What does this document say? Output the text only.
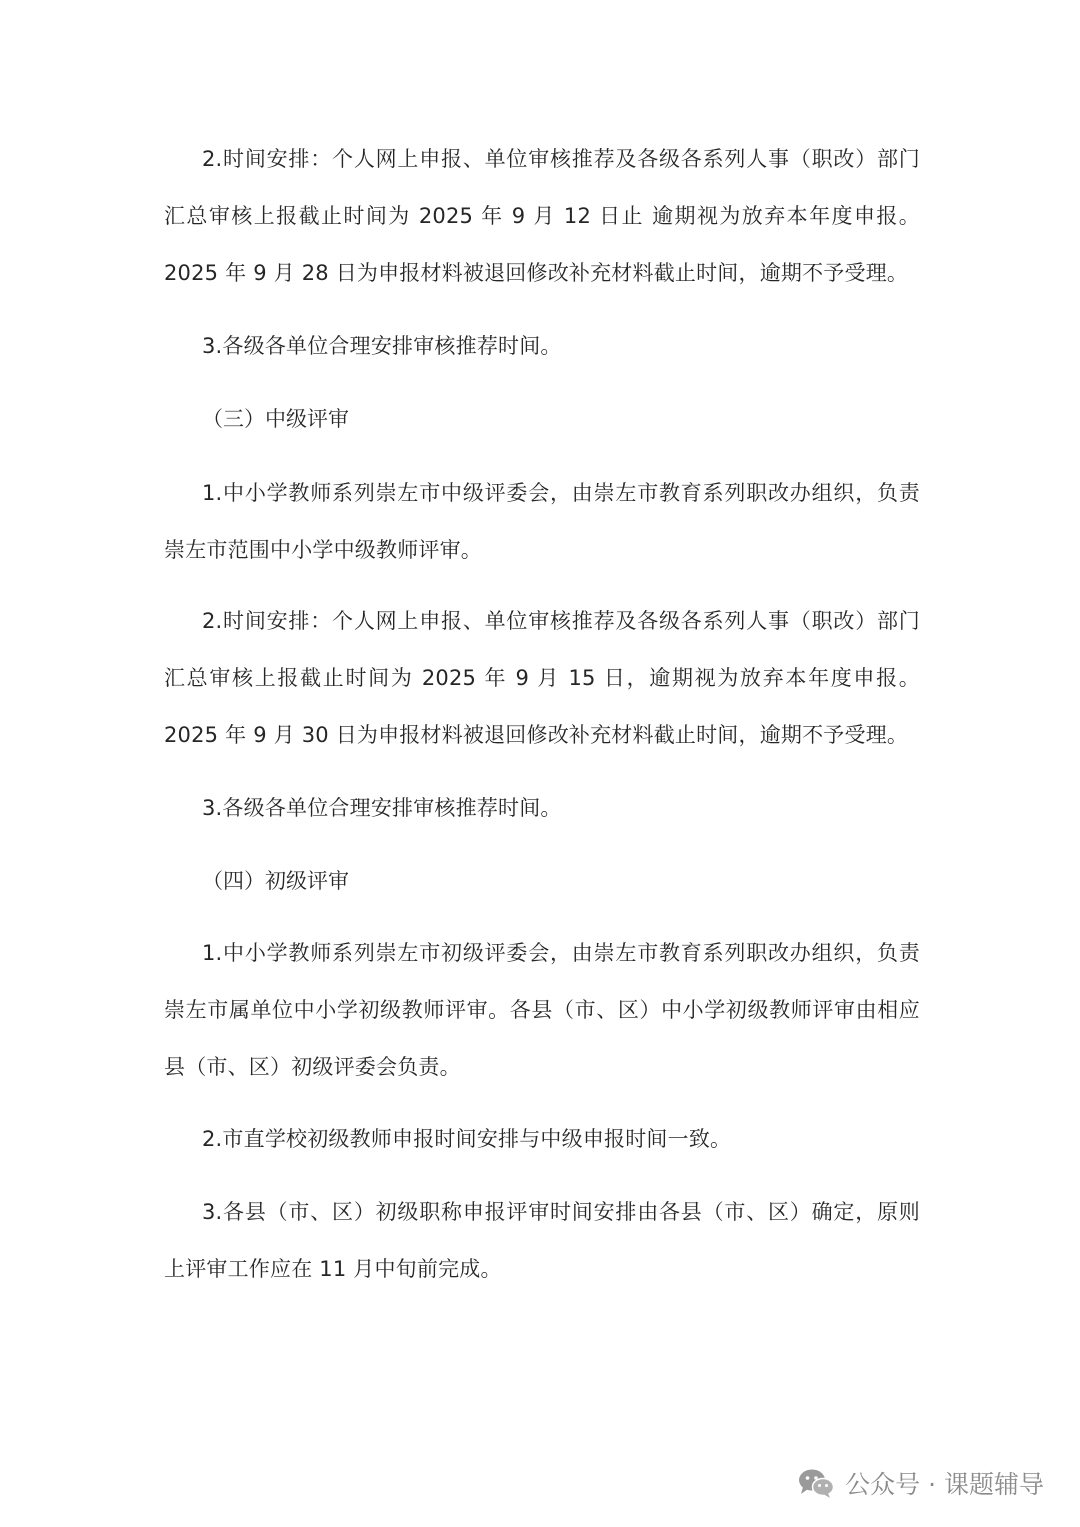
2.时间安排：个人网上申报、单位审核推荐及各级各系列人事（职改）部门汇总审核上报截止时间为 2025 年 9 月 12 日止 逾期视为放弃本年度申报。2025 年 9 月 28 日为申报材料被退回修改补充材料截止时间，逾期不予受理。

3.各级各单位合理安排审核推荐时间。

（三）中级评审

1.中小学教师系列崇左市中级评委会，由崇左市教育系列职改办组织，负责崇左市范围中小学中级教师评审。

2.时间安排：个人网上申报、单位审核推荐及各级各系列人事（职改）部门汇总审核上报截止时间为 2025 年 9 月 15 日，逾期视为放弃本年度申报。2025 年 9 月 30 日为申报材料被退回修改补充材料截止时间，逾期不予受理。

3.各级各单位合理安排审核推荐时间。

（四）初级评审

1.中小学教师系列崇左市初级评委会，由崇左市教育系列职改办组织，负责崇左市属单位中小学初级教师评审。各县（市、区）中小学初级教师评审由相应县（市、区）初级评委会负责。

2.市直学校初级教师申报时间安排与中级申报时间一致。

3.各县（市、区）初级职称申报评审时间安排由各县（市、区）确定，原则上评审工作应在 11 月中旬前完成。

公众号 · 课题辅导
